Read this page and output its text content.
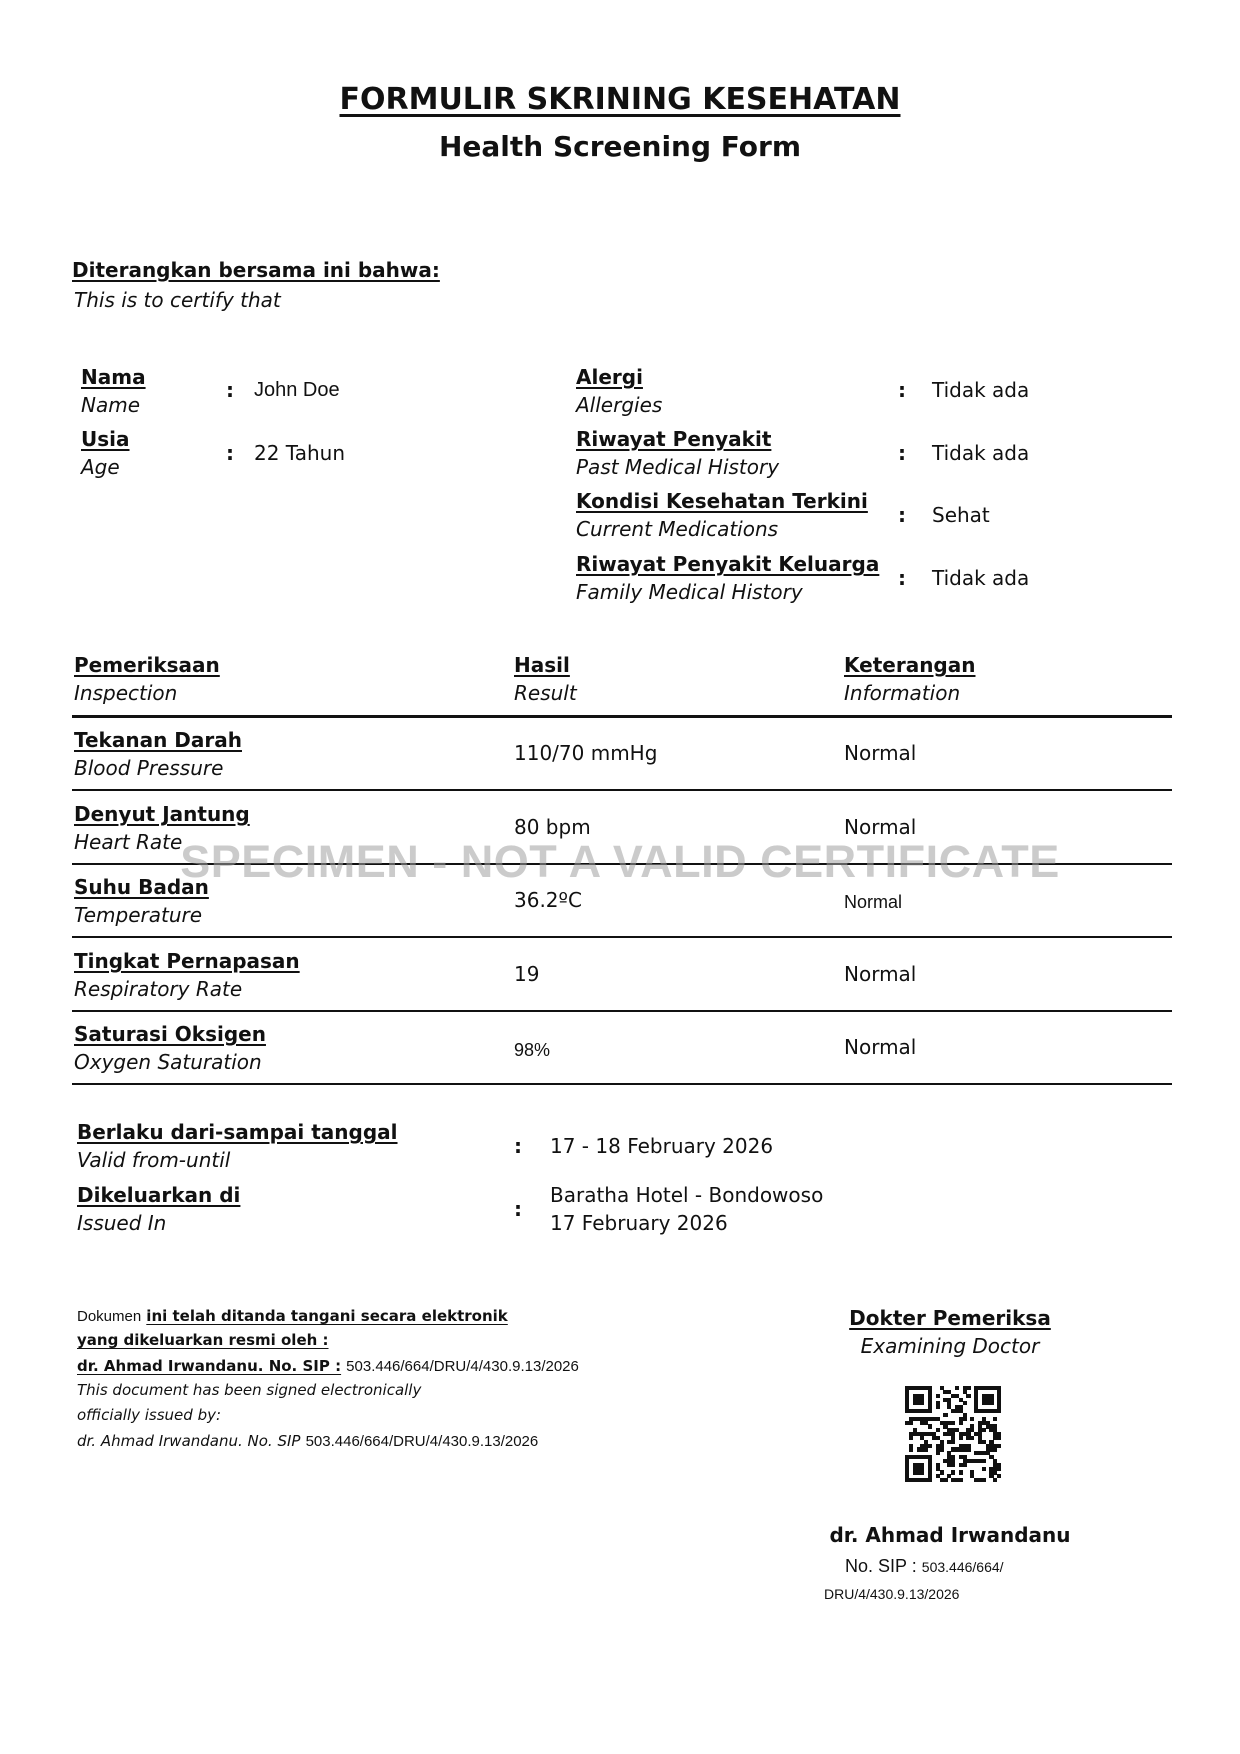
FORMULIR SKRINING KESEHATAN
Health Screening Form
Diterangkan bersama ini bahwa:
This is to certify that
Nama
Name
: John Doe
Usia
Age
: 22 Tahun
Alergi
Allergies
: Tidak ada
Riwayat Penyakit
Past Medical History
: Tidak ada
Kondisi Kesehatan Terkini
Current Medications
: Sehat
Riwayat Penyakit Keluarga
Family Medical History
: Tidak ada
Pemeriksaan
Inspection
Hasil
Result
Keterangan
Information
Tekanan Darah
Blood Pressure
110/70 mmHg	Normal
Denyut Jantung
Heart Rate
80 bpm	Normal
Suhu Badan
Temperature
36.2ºC	Normal
Tingkat Pernapasan
Respiratory Rate
19	Normal
Saturasi Oksigen
Oxygen Saturation	98%	Normal
SPECIMEN - NOT A VALID CERTIFICATE
Berlaku dari-sampai tanggal
Valid from-until
: 17 - 18 February 2026
Dikeluarkan di
Issued In
:
Baratha Hotel - Bondowoso
17 February 2026
Dokumen ini telah ditanda tangani secara elektronik
yang dikeluarkan resmi oleh :
dr. Ahmad Irwandanu. No. SIP : 503.446/664/DRU/4/430.9.13/2026
This document has been signed electronically
officially issued by:
dr. Ahmad Irwandanu. No. SIP 503.446/664/DRU/4/430.9.13/2026
Dokter Pemeriksa
Examining Doctor
dr. Ahmad Irwandanu
No. SIP : 503.446/664/
DRU/4/430.9.13/2026
